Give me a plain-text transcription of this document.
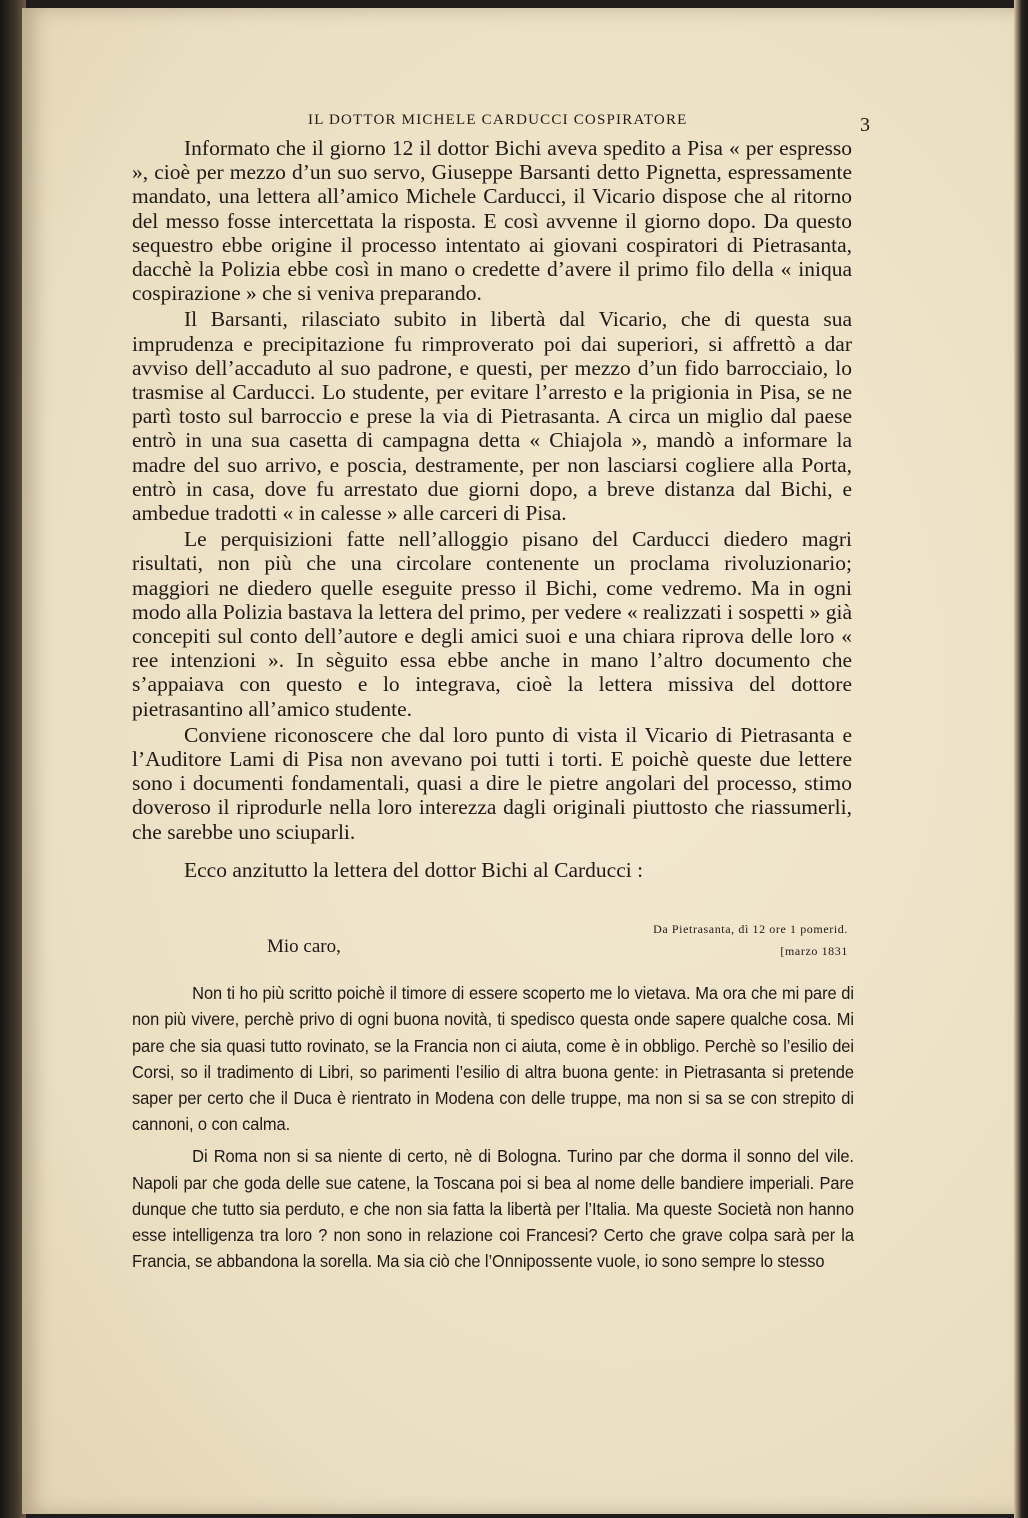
IL DOTTOR MICHELE CARDUCCI COSPIRATORE	3

Informato che il giorno 12 il dottor Bichi aveva spedito a Pisa « per espresso », cioè per mezzo d’un suo servo, Giuseppe Barsanti detto Pignetta, espressamente mandato, una lettera all’amico Michele Carducci, il Vicario dispose che al ritorno del messo fosse intercettata la risposta. E così avvenne il giorno dopo. Da questo sequestro ebbe origine il processo intentato ai giovani cospiratori di Pietrasanta, dacchè la Polizia ebbe così in mano o credette d’avere il primo filo della « iniqua cospirazione » che si veniva preparando.

Il Barsanti, rilasciato subito in libertà dal Vicario, che di questa sua imprudenza e precipitazione fu rimproverato poi dai superiori, si affrettò a dar avviso dell’accaduto al suo padrone, e questi, per mezzo d’un fido barrocciaio, lo trasmise al Carducci. Lo studente, per evitare l’arresto e la prigionia in Pisa, se ne partì tosto sul barroccio e prese la via di Pietrasanta. A circa un miglio dal paese entrò in una sua casetta di campagna detta « Chiajola », mandò a informare la madre del suo arrivo, e poscia, destramente, per non lasciarsi cogliere alla Porta, entrò in casa, dove fu arrestato due giorni dopo, a breve distanza dal Bichi, e ambedue tradotti « in calesse » alle carceri di Pisa.

Le perquisizioni fatte nell’alloggio pisano del Carducci diedero magri risultati, non più che una circolare contenente un proclama rivoluzionario; maggiori ne diedero quelle eseguite presso il Bichi, come vedremo. Ma in ogni modo alla Polizia bastava la lettera del primo, per vedere « realizzati i sospetti » già concepiti sul conto dell’autore e degli amici suoi e una chiara riprova delle loro « ree intenzioni ». In sèguito essa ebbe anche in mano l’altro documento che s’appaiava con questo e lo integrava, cioè la lettera missiva del dottore pietrasantino all’amico studente.

Conviene riconoscere che dal loro punto di vista il Vicario di Pietrasanta e l’Auditore Lami di Pisa non avevano poi tutti i torti. E poichè queste due lettere sono i documenti fondamentali, quasi a dire le pietre angolari del processo, stimo doveroso il riprodurle nella loro interezza dagli originali piuttosto che riassumerli, che sarebbe uno sciuparli.

Ecco anzitutto la lettera del dottor Bichi al Carducci :

Da Pietrasanta, dì 12 ore 1 pomerid.
[marzo 1831
Mio caro,

Non ti ho più scritto poichè il timore di essere scoperto me lo vietava. Ma ora che mi pare di non più vivere, perchè privo di ogni buona novità, ti spedisco questa onde sapere qualche cosa. Mi pare che sia quasi tutto rovinato, se la Francia non ci aiuta, come è in obbligo. Perchè so l’esilio dei Corsi, so il tradimento di Libri, so parimenti l’esilio di altra buona gente: in Pietrasanta si pretende saper per certo che il Duca è rientrato in Modena con delle truppe, ma non si sa se con strepito di cannoni, o con calma.

Di Roma non si sa niente di certo, nè di Bologna. Turino par che dorma il sonno del vile. Napoli par che goda delle sue catene, la Toscana poi si bea al nome delle bandiere imperiali. Pare dunque che tutto sia perduto, e che non sia fatta la libertà per l’Italia. Ma queste Società non hanno esse intelligenza tra loro ? non sono in relazione coi Francesi? Certo che grave colpa sarà per la Francia, se abbandona la sorella. Ma sia ciò che l’Onnipossente vuole, io sono sempre lo stesso
